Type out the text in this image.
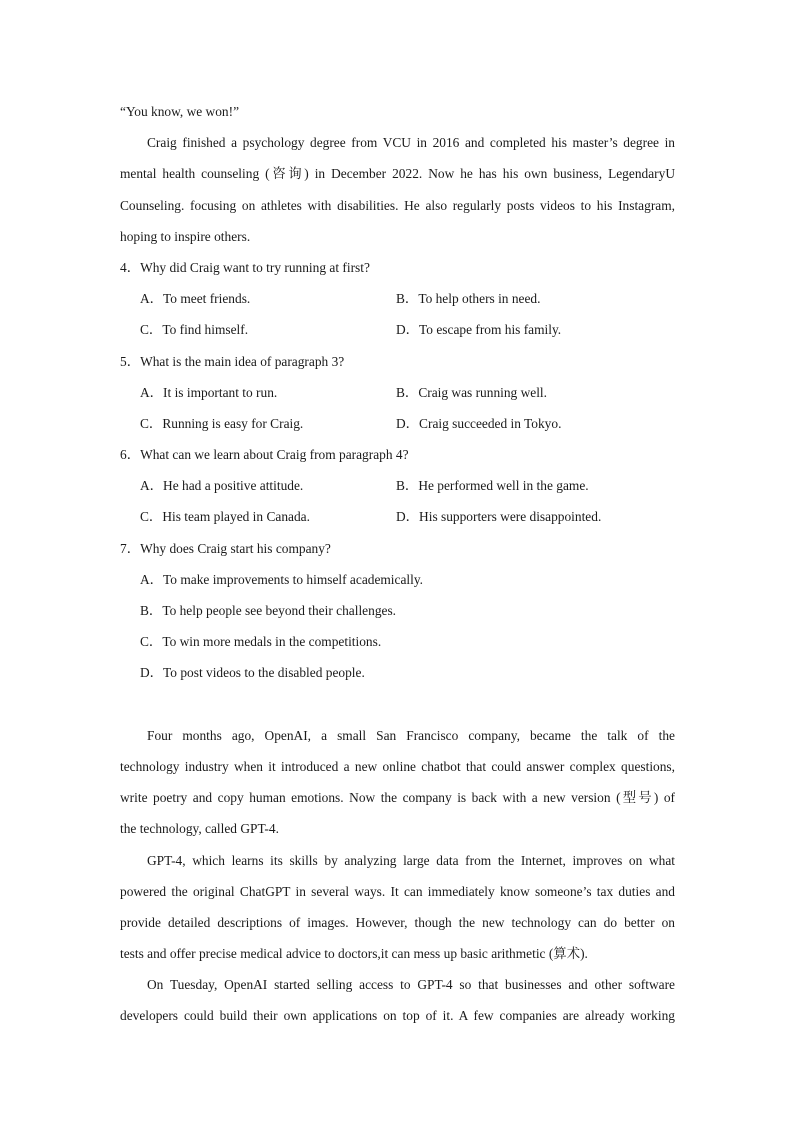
“You know, we won!”
Craig finished a psychology degree from VCU in 2016 and completed his master’s degree in
mental health counseling (咨询) in December 2022. Now he has his own business, LegendaryU
Counseling. focusing on athletes with disabilities. He also regularly posts videos to his Instagram,
hoping to inspire others.
4．Why did Craig want to try running at first?
A．To meet friends.	B．To help others in need.
C．To find himself.	D．To escape from his family.
5．What is the main idea of paragraph 3?
A．It is important to run.	B．Craig was running well.
C．Running is easy for Craig.	D．Craig succeeded in Tokyo.
6．What can we learn about Craig from paragraph 4?
A．He had a positive attitude.	B．He performed well in the game.
C．His team played in Canada.	D．His supporters were disappointed.
7．Why does Craig start his company?
A．To make improvements to himself academically.
B．To help people see beyond their challenges.
C．To win more medals in the competitions.
D．To post videos to the disabled people.
Four months ago, OpenAI, a small San Francisco company, became the talk of the
technology industry when it introduced a new online chatbot that could answer complex questions,
write poetry and copy human emotions. Now the company is back with a new version (型号) of
the technology, called GPT-4.
GPT-4, which learns its skills by analyzing large data from the Internet, improves on what
powered the original ChatGPT in several ways. It can immediately know someone’s tax duties and
provide detailed descriptions of images. However, though the new technology can do better on
tests and offer precise medical advice to doctors,it can mess up basic arithmetic (算术).
On Tuesday, OpenAI started selling access to GPT-4 so that businesses and other software
developers could build their own applications on top of it. A few companies are already working
